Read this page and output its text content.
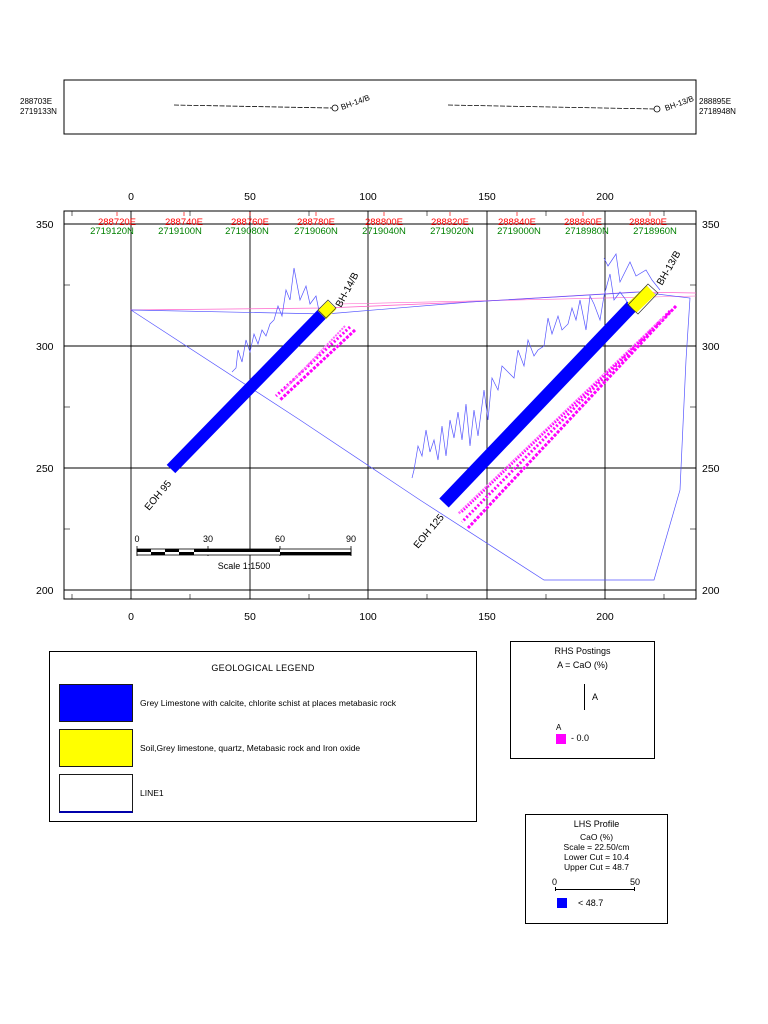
288703E
2719133N
288895E
2718948N
BH-14/B	BH-13/B
0	50	100	150	200
0	50	100	150	200
350
300
250
200
350
300
250
200
288720E	288740E	288760E	288780E	288800E	288820E	288840E	288860E	288880E
2719120N	2719100N 2719080N	2719060N	2719040N	2719020N 2719000N	2718980N	2718960N
BH-14/B
EOH 95
BH-13/B
EOH 125
0	30	60	90
Scale 1:1500
GEOLOGICAL LEGEND
Grey Limestone with calcite, chlorite schist at places metabasic rock
Soil,Grey limestone, quartz, Metabasic rock and Iron oxide
LINE1
RHS Postings
A = CaO (%)
A
A
- 0.0
LHS Profile
CaO (%)
Scale = 22.50/cm
Lower Cut = 10.4
Upper Cut = 48.7
0	50
< 48.7
